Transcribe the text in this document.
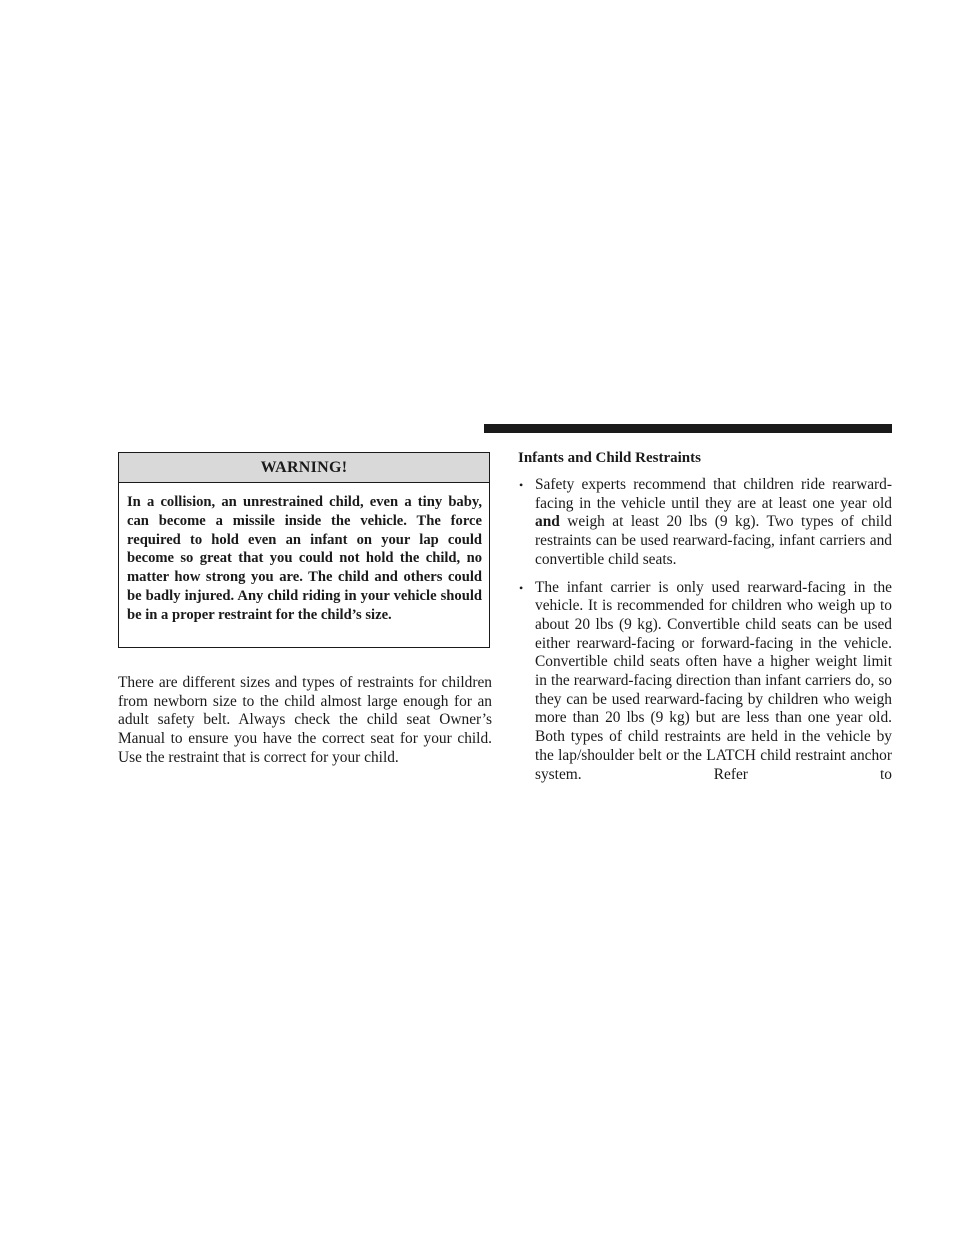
WARNING!
In a collision, an unrestrained child, even a tiny baby, can become a missile inside the vehicle. The force required to hold even an infant on your lap could become so great that you could not hold the child, no matter how strong you are. The child and others could be badly injured. Any child riding in your vehicle should be in a proper restraint for the child’s size.

There are different sizes and types of restraints for children from newborn size to the child almost large enough for an adult safety belt. Always check the child seat Owner’s Manual to ensure you have the correct seat for your child. Use the restraint that is correct for your child.

Infants and Child Restraints
• Safety experts recommend that children ride rearward-facing in the vehicle until they are at least one year old and weigh at least 20 lbs (9 kg). Two types of child restraints can be used rearward-facing, infant carriers and convertible child seats.
• The infant carrier is only used rearward-facing in the vehicle. It is recommended for children who weigh up to about 20 lbs (9 kg). Convertible child seats can be used either rearward-facing or forward-facing in the vehicle. Convertible child seats often have a higher weight limit in the rearward-facing direction than infant carriers do, so they can be used rearward-facing by children who weigh more than 20 lbs (9 kg) but are less than one year old. Both types of child restraints are held in the vehicle by the lap/shoulder belt or the LATCH child restraint anchor system. Refer to
